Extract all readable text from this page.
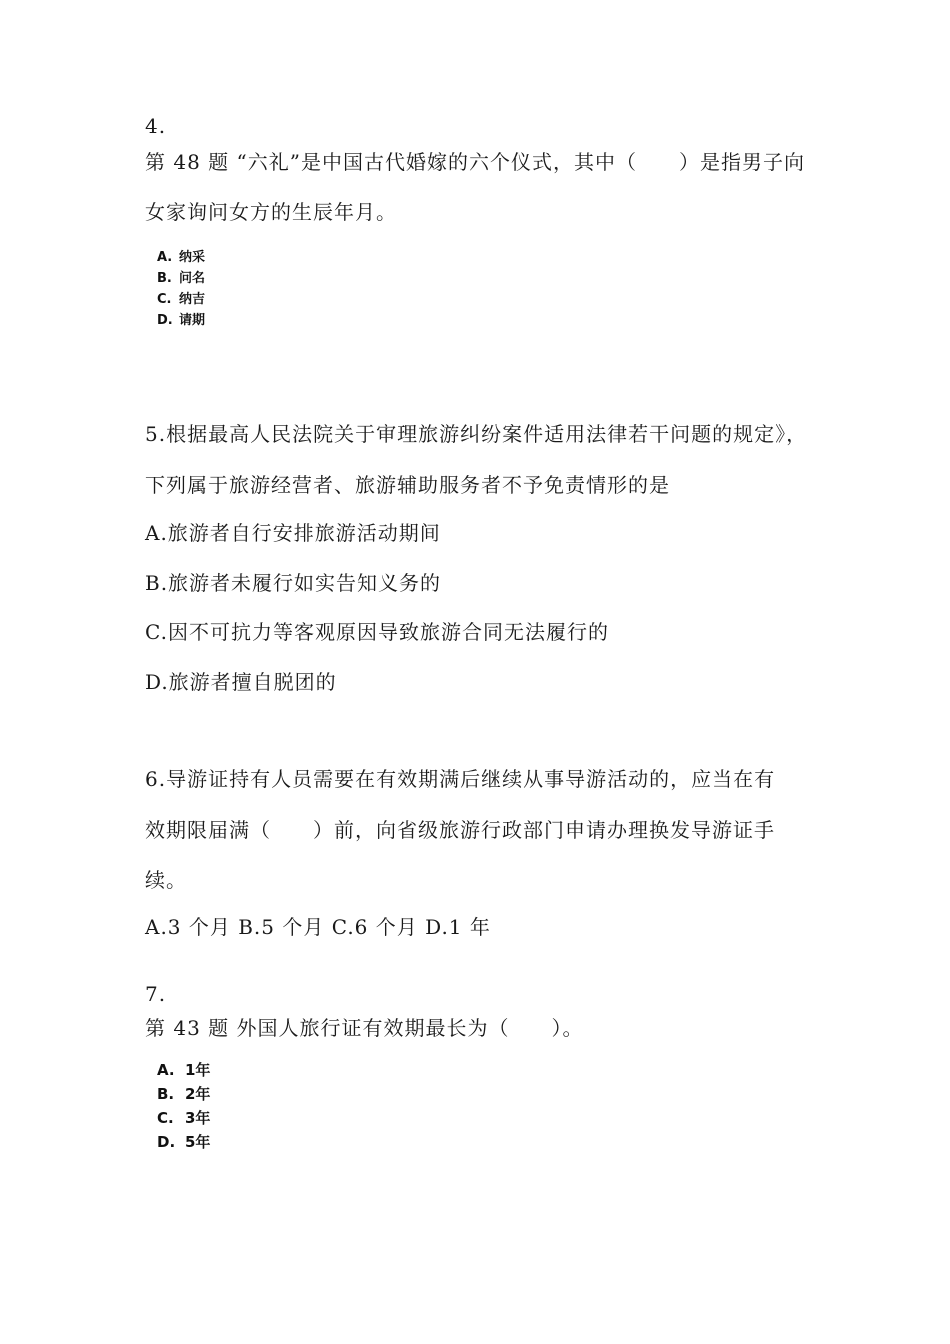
4.
第 48 题 “六礼”是中国古代婚嫁的六个仪式，其中（　　）是指男子向
女家询问女方的生辰年月。
A. 纳采
B. 问名
C. 纳吉
D. 请期
5.根据最高人民法院关于审理旅游纠纷案件适用法律若干问题的规定》，
下列属于旅游经营者、旅游辅助服务者不予免责情形的是
A.旅游者自行安排旅游活动期间
B.旅游者未履行如实告知义务的
C.因不可抗力等客观原因导致旅游合同无法履行的
D.旅游者擅自脱团的
6.导游证持有人员需要在有效期满后继续从事导游活动的，应当在有
效期限届满（　　）前，向省级旅游行政部门申请办理换发导游证手
续。
A.3 个月 B.5 个月 C.6 个月 D.1 年
7.
第 43 题 外国人旅行证有效期最长为（　　）。
A. 1年
B. 2年
C. 3年
D. 5年
